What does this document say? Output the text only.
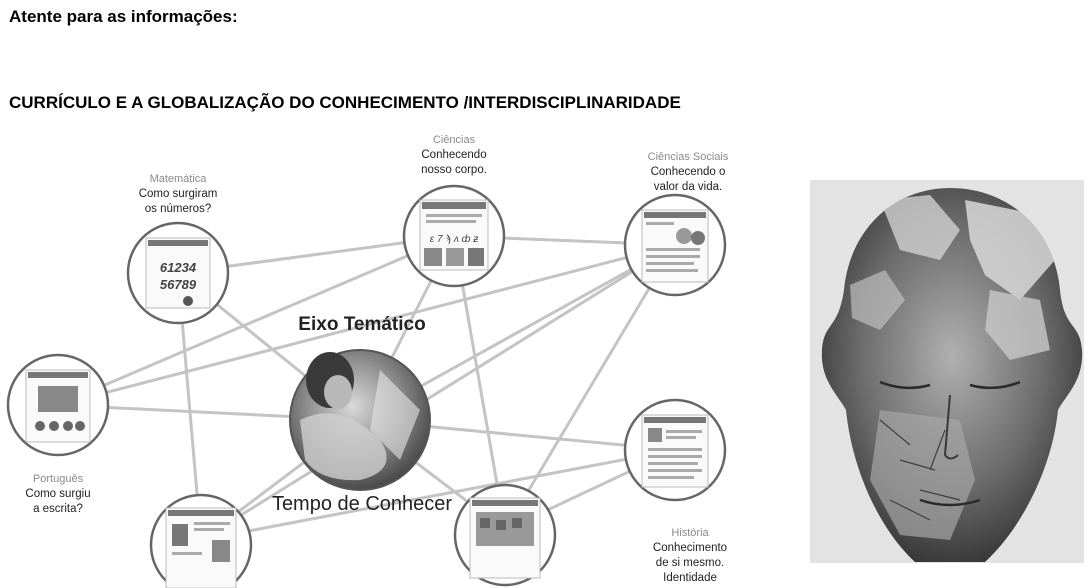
Atente para as informações:
CURRÍCULO E A GLOBALIZAÇÃO DO CONHECIMENTO /INTERDISCIPLINARIDADE
61234
56789
Matemática
Como surgiram
os números?
ɛ 7 ϡ ʌ ȸ ƶ
Ciências
Conhecendo
nosso corpo.
Ciências Sociais
Conhecendo o
valor da vida.
Português
Como surgiu
a escrita?
História
Conhecimento
de si mesmo.
Identidade
Eixo Temático
Tempo de Conhecer
